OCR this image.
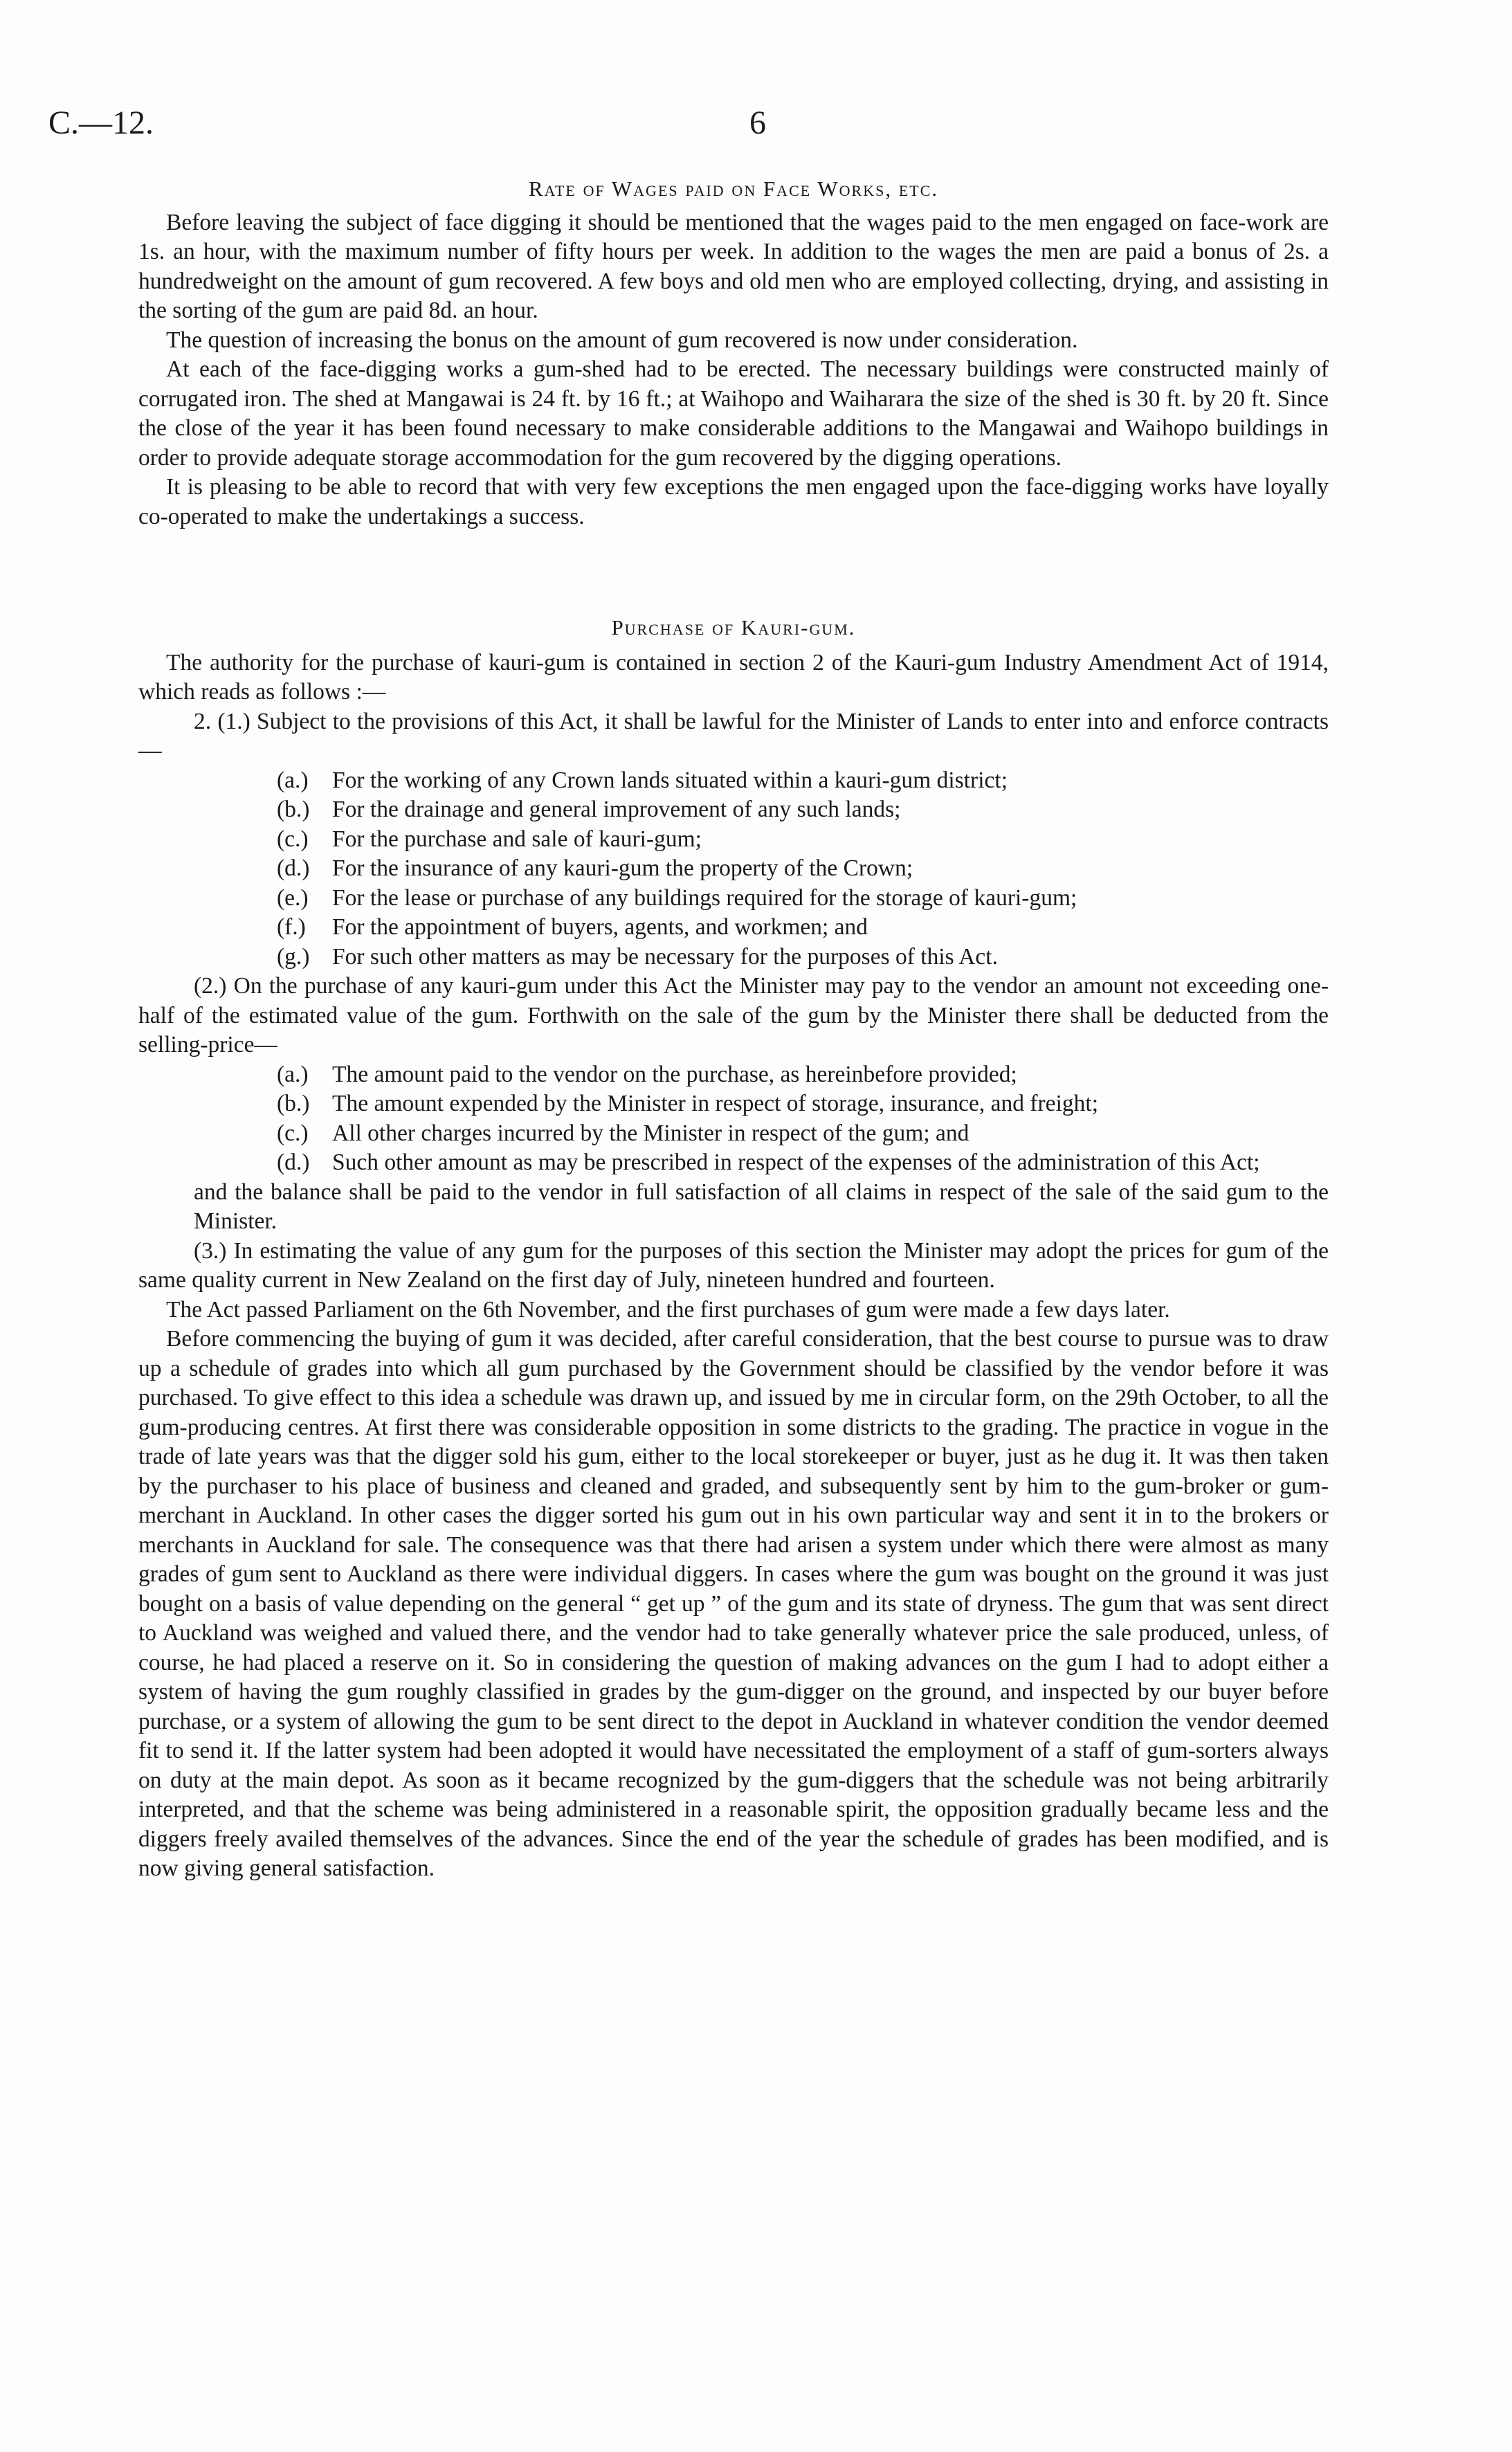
C.—12.	6
Rate of Wages paid on Face Works, etc.

Before leaving the subject of face digging it should be mentioned that the wages paid to the men engaged on face-work are 1s. an hour, with the maximum number of fifty hours per week. In addition to the wages the men are paid a bonus of 2s. a hundredweight on the amount of gum recovered. A few boys and old men who are employed collecting, drying, and assisting in the sorting of the gum are paid 8d. an hour.

The question of increasing the bonus on the amount of gum recovered is now under consideration.

At each of the face-digging works a gum-shed had to be erected. The necessary buildings were constructed mainly of corrugated iron. The shed at Mangawai is 24 ft. by 16 ft.; at Waihopo and Waiharara the size of the shed is 30 ft. by 20 ft. Since the close of the year it has been found necessary to make considerable additions to the Mangawai and Waihopo buildings in order to provide adequate storage accommodation for the gum recovered by the digging operations.

It is pleasing to be able to record that with very few exceptions the men engaged upon the face-digging works have loyally co-operated to make the undertakings a success.

Purchase of Kauri-gum.

The authority for the purchase of kauri-gum is contained in section 2 of the Kauri-gum Industry Amendment Act of 1914, which reads as follows :—

2. (1.) Subject to the provisions of this Act, it shall be lawful for the Minister of Lands to enter into and enforce contracts—

(a.) For the working of any Crown lands situated within a kauri-gum district;

(b.) For the drainage and general improvement of any such lands;

(c.) For the purchase and sale of kauri-gum;

(d.) For the insurance of any kauri-gum the property of the Crown;

(e.) For the lease or purchase of any buildings required for the storage of kauri-gum;

(f.) For the appointment of buyers, agents, and workmen; and

(g.) For such other matters as may be necessary for the purposes of this Act.

(2.) On the purchase of any kauri-gum under this Act the Minister may pay to the vendor an amount not exceeding one-half of the estimated value of the gum. Forthwith on the sale of the gum by the Minister there shall be deducted from the selling-price—

(a.) The amount paid to the vendor on the purchase, as hereinbefore provided;

(b.) The amount expended by the Minister in respect of storage, insurance, and freight;

(c.) All other charges incurred by the Minister in respect of the gum; and

(d.) Such other amount as may be prescribed in respect of the expenses of the administration of this Act;

and the balance shall be paid to the vendor in full satisfaction of all claims in respect of the sale of the said gum to the Minister.

(3.) In estimating the value of any gum for the purposes of this section the Minister may adopt the prices for gum of the same quality current in New Zealand on the first day of July, nineteen hundred and fourteen.

The Act passed Parliament on the 6th November, and the first purchases of gum were made a few days later.

Before commencing the buying of gum it was decided, after careful consideration, that the best course to pursue was to draw up a schedule of grades into which all gum purchased by the Government should be classified by the vendor before it was purchased. To give effect to this idea a schedule was drawn up, and issued by me in circular form, on the 29th October, to all the gum-producing centres. At first there was considerable opposition in some districts to the grading. The practice in vogue in the trade of late years was that the digger sold his gum, either to the local storekeeper or buyer, just as he dug it. It was then taken by the purchaser to his place of business and cleaned and graded, and subsequently sent by him to the gum-broker or gum-merchant in Auckland. In other cases the digger sorted his gum out in his own particular way and sent it in to the brokers or merchants in Auckland for sale. The consequence was that there had arisen a system under which there were almost as many grades of gum sent to Auckland as there were individual diggers. In cases where the gum was bought on the ground it was just bought on a basis of value depending on the general “ get up ” of the gum and its state of dryness. The gum that was sent direct to Auckland was weighed and valued there, and the vendor had to take generally whatever price the sale produced, unless, of course, he had placed a reserve on it. So in considering the question of making advances on the gum I had to adopt either a system of having the gum roughly classified in grades by the gum-digger on the ground, and inspected by our buyer before purchase, or a system of allowing the gum to be sent direct to the depot in Auckland in whatever condition the vendor deemed fit to send it. If the latter system had been adopted it would have necessitated the employment of a staff of gum-sorters always on duty at the main depot. As soon as it became recognized by the gum-diggers that the schedule was not being arbitrarily interpreted, and that the scheme was being administered in a reasonable spirit, the opposition gradually became less and the diggers freely availed themselves of the advances. Since the end of the year the schedule of grades has been modified, and is now giving general satisfaction.
